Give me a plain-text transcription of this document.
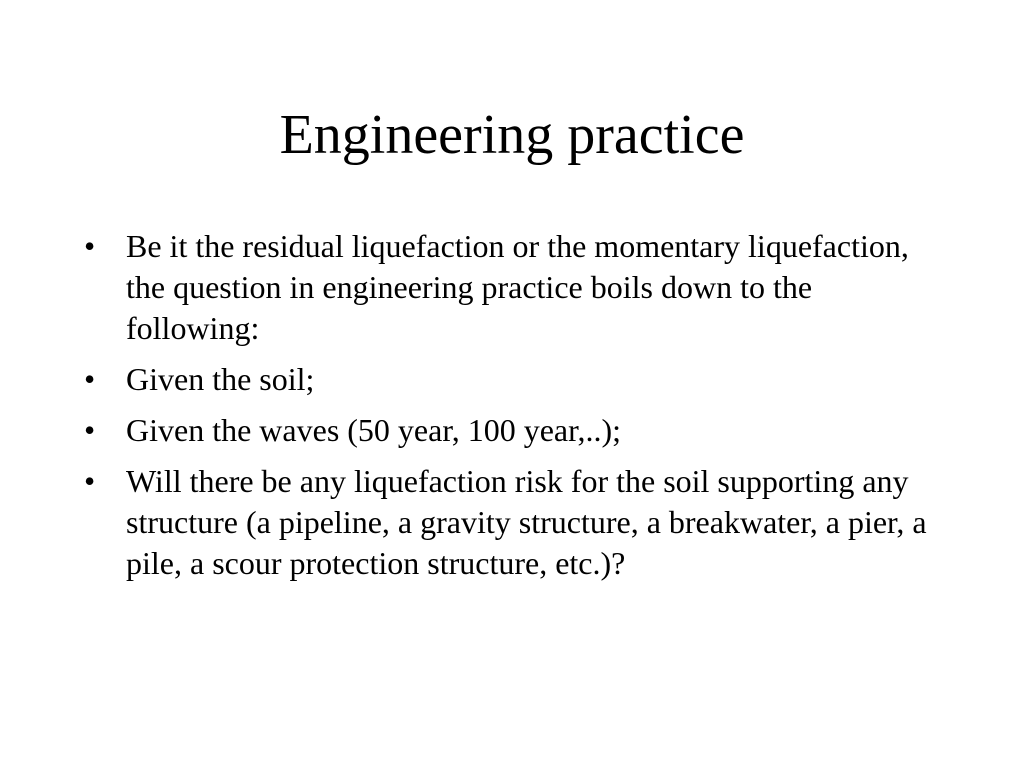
Engineering practice
• Be it the residual liquefaction or the momentary liquefaction, the question in engineering practice boils down to the following:
• Given the soil;
• Given the waves (50 year, 100 year,..);
• Will there be any liquefaction risk for the soil supporting any structure (a pipeline, a gravity structure, a breakwater, a pier, a pile, a scour protection structure, etc.)?
